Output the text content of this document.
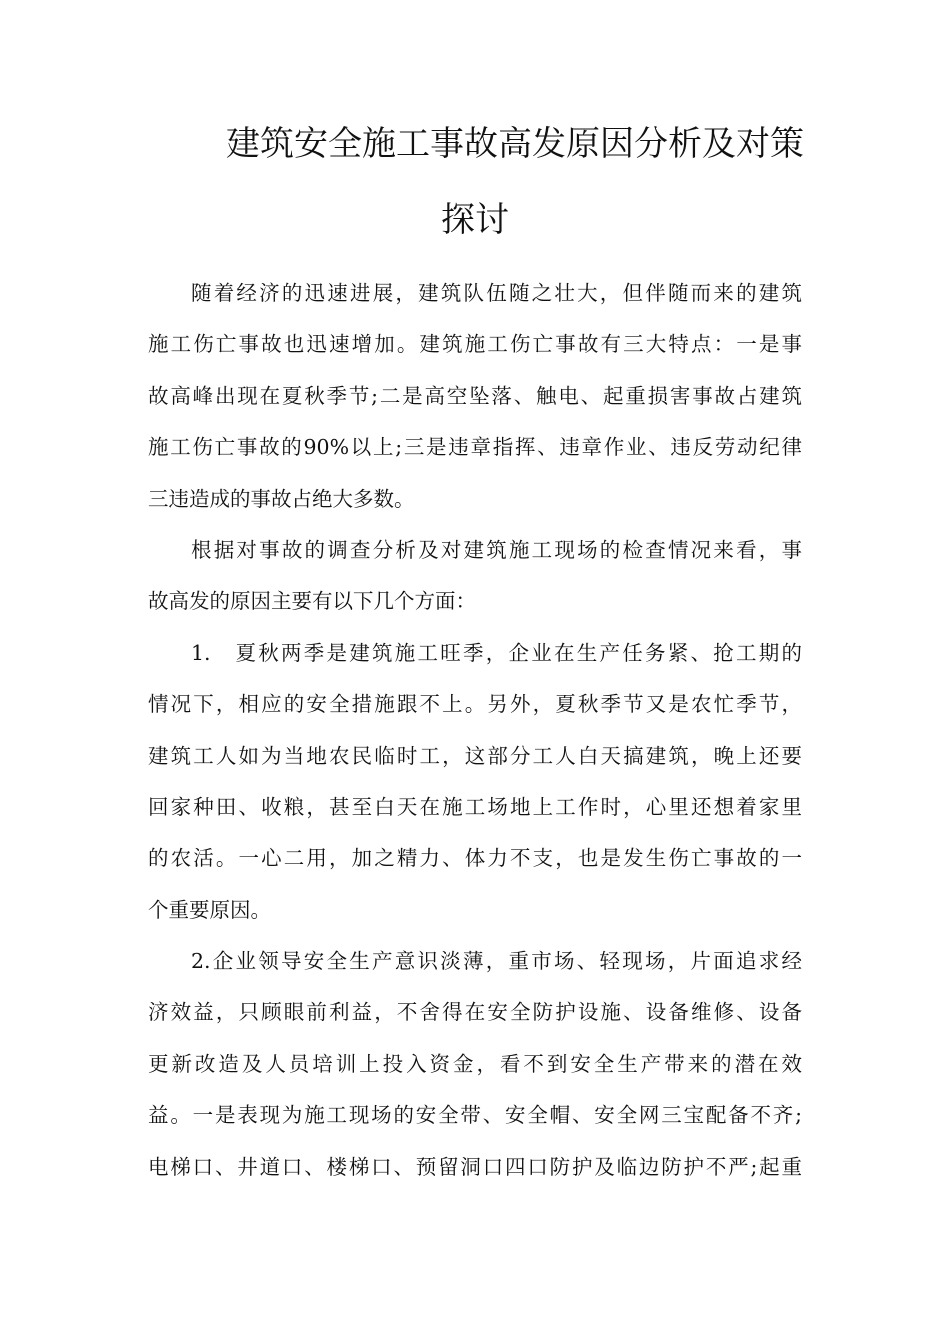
建筑安全施工事故高发原因分析及对策
探讨
随着经济的迅速进展，建筑队伍随之壮大，但伴随而来的建筑
施工伤亡事故也迅速增加。建筑施工伤亡事故有三大特点：一是事
故高峰出现在夏秋季节;二是高空坠落、触电、起重损害事故占建筑
施工伤亡事故的90%以上;三是违章指挥、违章作业、违反劳动纪律
三违造成的事故占绝大多数。
根据对事故的调查分析及对建筑施工现场的检查情况来看，事
故高发的原因主要有以下几个方面：
1.　夏秋两季是建筑施工旺季，企业在生产任务紧、抢工期的
情况下，相应的安全措施跟不上。另外，夏秋季节又是农忙季节，
建筑工人如为当地农民临时工，这部分工人白天搞建筑，晚上还要
回家种田、收粮，甚至白天在施工场地上工作时，心里还想着家里
的农活。一心二用，加之精力、体力不支，也是发生伤亡事故的一
个重要原因。
2.企业领导安全生产意识淡薄，重市场、轻现场，片面追求经
济效益，只顾眼前利益，不舍得在安全防护设施、设备维修、设备
更新改造及人员培训上投入资金，看不到安全生产带来的潜在效
益。一是表现为施工现场的安全带、安全帽、安全网三宝配备不齐;
电梯口、井道口、楼梯口、预留洞口四口防护及临边防护不严;起重
